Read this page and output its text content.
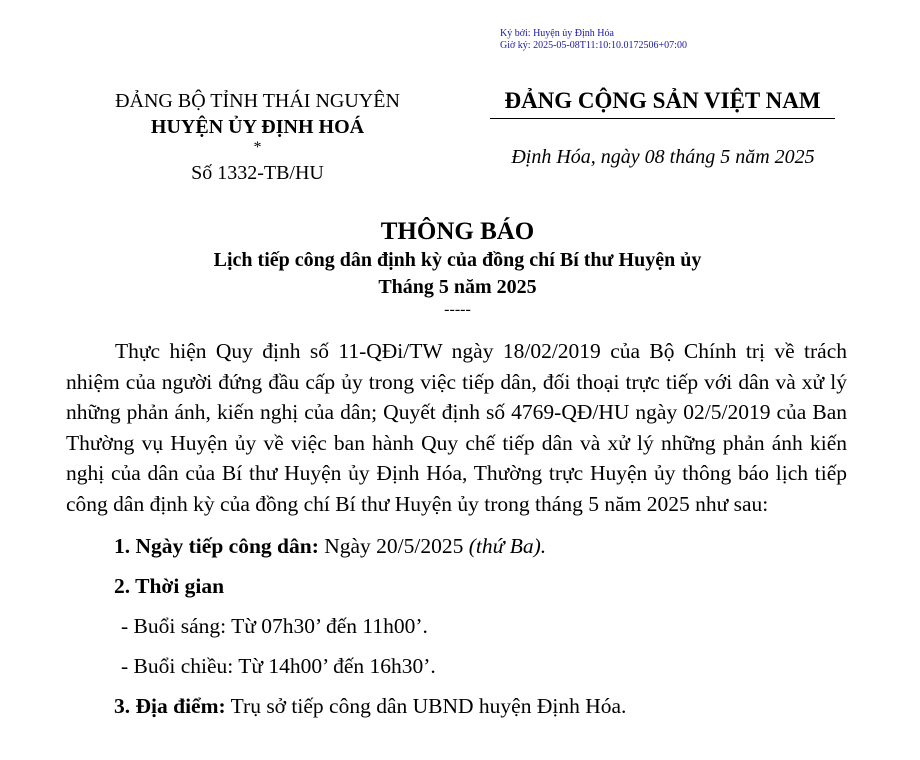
Ký bởi: Huyện ủy Định Hóa
Giờ ký: 2025-05-08T11:10:10.0172506+07:00
ĐẢNG BỘ TỈNH THÁI NGUYÊN
HUYỆN ỦY ĐỊNH HOÁ
*
Số 1332-TB/HU
ĐẢNG CỘNG SẢN VIỆT NAM
Định Hóa, ngày 08 tháng 5 năm 2025
THÔNG BÁO
Lịch tiếp công dân định kỳ của đồng chí Bí thư Huyện ủy
Tháng 5 năm 2025
-----

Thực hiện Quy định số 11-QĐi/TW ngày 18/02/2019 của Bộ Chính trị về trách nhiệm của người đứng đầu cấp ủy trong việc tiếp dân, đối thoại trực tiếp với dân và xử lý những phản ánh, kiến nghị của dân; Quyết định số 4769-QĐ/HU ngày 02/5/2019 của Ban Thường vụ Huyện ủy về việc ban hành Quy chế tiếp dân và xử lý những phản ánh kiến nghị của dân của Bí thư Huyện ủy Định Hóa, Thường trực Huyện ủy thông báo lịch tiếp công dân định kỳ của đồng chí Bí thư Huyện ủy trong tháng 5 năm 2025 như sau:

1. Ngày tiếp công dân: Ngày 20/5/2025 (thứ Ba).
2. Thời gian
- Buổi sáng: Từ 07h30’ đến 11h00’.
- Buổi chiều: Từ 14h00’ đến 16h30’.
3. Địa điểm: Trụ sở tiếp công dân UBND huyện Định Hóa.
